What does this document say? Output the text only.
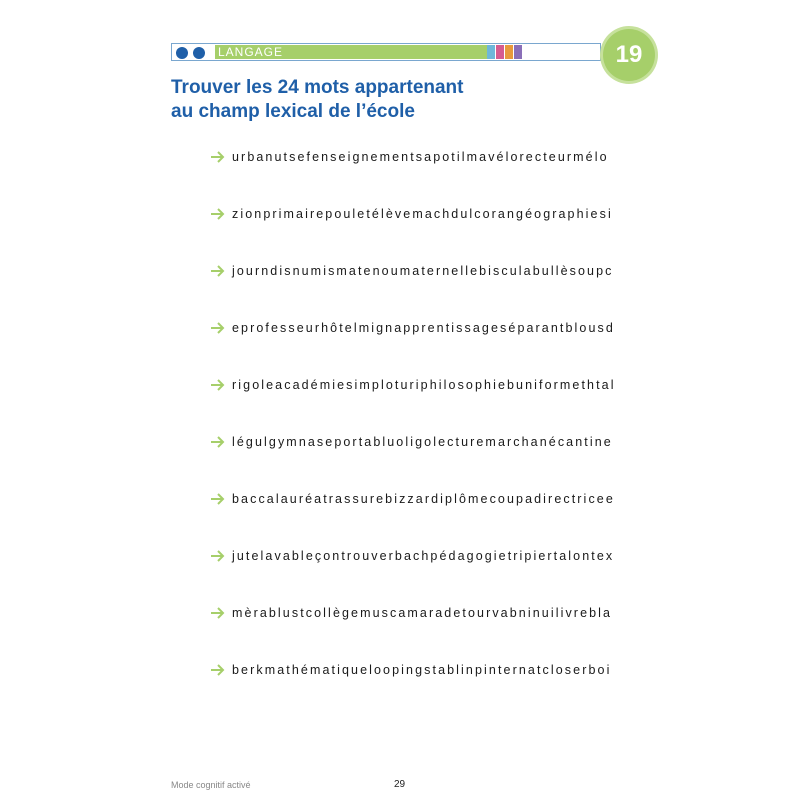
LANGAGE	19
Trouver les 24 mots appartenant
au champ lexical de l’école
urbanutsefenseignementsapotilmavélorecteurmélo
zionprimairepouletélèvemachdulcorangéographiesi
journdisnumismatenoumaternellebisculabullèsoupc
eprofesseurhôtelmignapprentissageséparantblousd
rigoleacadémiesimploturiphilosophiebuniformethtal
légulgymnaseportabluoligolecturemarchanécantine
baccalauréatrassurebizzardiplômecoupadirectricee
jutelavableçontrouverbachpédagogietripiertalontex
mèrablustcollègemuscamaradetourvabninuilivrebla
berkmathématiqueloopingstablinpinternatcloserboi
Mode cognitif activé	29
